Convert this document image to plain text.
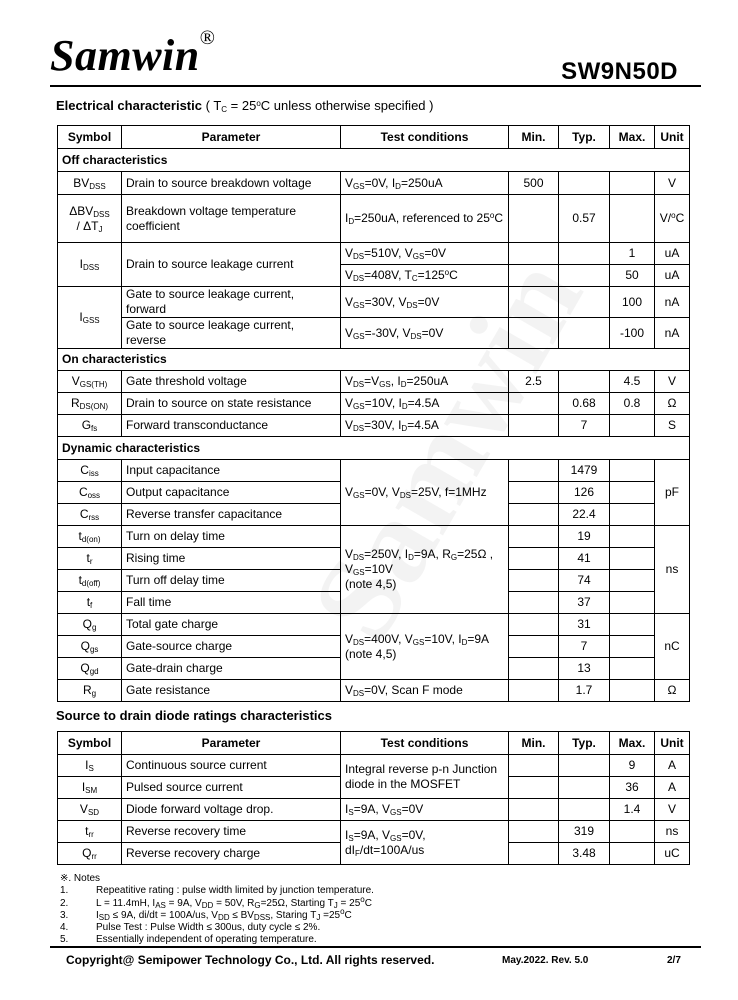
Samwin®
SW9N50D
Electrical characteristic ( $T_C = 25^oC$ unless otherwise specified )
Symbol	Parameter	Test conditions	Min.	Typ.	Max.	Unit
Off characteristics						
$BV_{DSS}$	Drain to source breakdown voltage	$V_{GS}=0V$, $I_D=250uA$	500			V
$\Delta BV_{DSS}$
/ $\Delta T_J$	Breakdown voltage temperature coefficient	$I_D=250uA$, referenced to 25$^o$C		0.57		V/$^o$C
$I_{DSS}$	Drain to source leakage current	$V_{DS}=510V$, $V_{GS}=0V$			1	uA
		$V_{DS}=408V$, $T_C=125^oC$			50	uA
$I_{GSS}$	Gate to source leakage current, forward	$V_{GS}=30V$, $V_{DS}=0V$			100	nA
	Gate to source leakage current, reverse	$V_{GS}=-30V$, $V_{DS}=0V$			-100	nA
On characteristics						
$V_{GS(TH)}$	Gate threshold voltage	$V_{DS}=V_{GS}$, $I_D=250uA$	2.5		4.5	V
$R_{DS(ON)}$	Drain to source on state resistance	$V_{GS}=10V$, $I_D=4.5A$		0.68	0.8	Ω
$G_{fs}$	Forward transconductance	$V_{DS}=30V$, $I_D=4.5A$		7		S
Dynamic characteristics						
$C_{iss}$	Input capacitance	$V_{GS}=0V$, $V_{DS}=25V$, f=1MHz		1479		pF
$C_{oss}$	Output capacitance			126		
$C_{rss}$	Reverse transfer capacitance			22.4		
$t_{d(on)}$	Turn on delay time	$V_{DS}=250V$, $I_D=9A$, $R_G=25\Omega$ ,
$V_{GS}=10V$
(note 4,5)		19		ns
$t_r$	Rising time			41		
$t_{d(off)}$	Turn off delay time			74		
$t_f$	Fall time			37		
$Q_g$	Total gate charge	$V_{DS}=400V$, $V_{GS}=10V$, $I_D=9A$
(note 4,5)		31		nC
$Q_{gs}$	Gate-source charge			7		
$Q_{gd}$	Gate-drain charge			13		
$R_g$	Gate resistance	$V_{DS}=0V$, Scan F mode		1.7		Ω
Source to drain diode ratings characteristics
Symbol	Parameter	Test conditions	Min.	Typ.	Max.	Unit
$I_S$	Continuous source current	Integral reverse p-n Junction diode in the MOSFET			9	A
$I_{SM}$	Pulsed source current				36	A
$V_{SD}$	Diode forward voltage drop.	$I_S=9A$, $V_{GS}=0V$			1.4	V
$t_{rr}$	Reverse recovery time	$I_S=9A$, $V_{GS}=0V$,
$dI_F/dt=100A/us$		319		ns
$Q_{rr}$	Reverse recovery charge			3.48		uC
※. Notes
1.	Repeatitive rating : pulse width limited by junction temperature.
2.	L = 11.4mH, $I_{AS} = 9A$, $V_{DD} = 50V$, $R_G=25\Omega$, Starting $T_J = 25^oC$
3.	$I_{SD} \le 9A$, di/dt = 100A/us, $V_{DD} \le BV_{DSS}$, Staring $T_J =25^oC$
4.	Pulse Test : Pulse Width ≤ 300us, duty cycle ≤ 2%.
5.	Essentially independent of operating temperature.
Copyright@ Semipower Technology Co., Ltd. All rights reserved.	May.2022. Rev. 5.0	2/7
